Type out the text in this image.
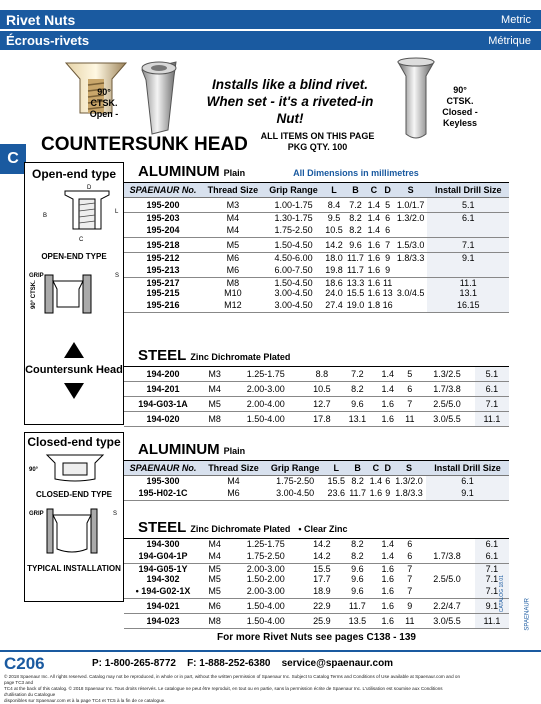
Rivet Nuts	Metric
Écrous-rivets	Métrique
C
90°
CTSK.
Open -
Installs like a blind rivet.
When set - it's a riveted-in Nut!
90°
CTSK.
Closed -
Keyless
COUNTERSUNK HEAD	ALL ITEMS ON THIS PAGE
PKG QTY. 100
Open-end type
B
L
C
D
OPEN-END TYPE
GRIP	S
90° CTSK.
Countersunk Head
Closed-end type
90°
CLOSED-END TYPE
GRIP	S
TYPICAL INSTALLATION
ALUMINUM Plain	All Dimensions in millimetres
SPAENAUR No.	Thread Size	Grip Range	L	B	C	D	S	Install Drill Size
195-200	M3	1.00-1.75	8.4	7.2	1.4	5	1.0/1.7	5.1
195-203	M4	1.30-1.75	9.5	8.2	1.4	6	1.3/2.0	6.1
195-204	M4	1.75-2.50	10.5	8.2	1.4	6		
195-218	M5	1.50-4.50	14.2	9.6	1.6	7	1.5/3.0	7.1
195-212	M6	4.50-6.00	18.0	11.7	1.6	9	1.8/3.3	9.1
195-213	M6	6.00-7.50	19.8	11.7	1.6	9		
195-217	M8	1.50-4.50	18.6	13.3	1.6	11		11.1
195-215	M10	3.00-4.50	24.0	15.5	1.6	13	3.0/4.5	13.1
195-216	M12	3.00-4.50	27.4	19.0	1.8	16		16.15
STEEL Zinc Dichromate Plated
194-200	M3	1.25-1.75	8.8	7.2	1.4	5	1.3/2.5	5.1
194-201	M4	2.00-3.00	10.5	8.2	1.4	6	1.7/3.8	6.1
194-G03-1A	M5	2.00-4.00	12.7	9.6	1.6	7	2.5/5.0	7.1
194-020	M8	1.50-4.00	17.8	13.1	1.6	11	3.0/5.5	11.1
ALUMINUM Plain
SPAENAUR No.	Thread Size	Grip Range	L	B	C	D	S	Install Drill Size
195-300	M4	1.75-2.50	15.5	8.2	1.4	6	1.3/2.0	6.1
195-H02-1C	M6	3.00-4.50	23.6	11.7	1.6	9	1.8/3.3	9.1
STEEL Zinc Dichromate Plated • Clear Zinc
194-300	M4	1.25-1.75	14.2	8.2	1.4	6		6.1
194-G04-1P	M4	1.75-2.50	14.2	8.2	1.4	6	1.7/3.8	6.1
194-G05-1Y	M5	2.00-3.00	15.5	9.6	1.6	7		7.1
194-302	M5	1.50-2.00	17.7	9.6	1.6	7	2.5/5.0	7.1
• 194-G02-1X	M5	2.00-3.00	18.9	9.6	1.6	7		7.1
194-021	M6	1.50-4.00	22.9	11.7	1.6	9	2.2/4.7	9.1
194-023	M8	1.50-4.00	25.9	13.5	1.6	11	3.0/5.5	11.1
For more Rivet Nuts see pages C138 - 139
CATALOG 18.01
SPAENAUR
C206	P: 1-800-265-8772 F: 1-888-252-6380 service@spaenaur.com
© 2018 Spaenaur Inc. All rights reserved. Catalog may not be reproduced, in whole or in part, without the written permission of Spaenaur Inc. Subject to Catalog Terms and Conditions of Use available at Spaenaur.com and on page TC3 and
TC4 at the back of this catalog. © 2018 Spaenaur Inc. Tous droits réservés. Le catalogue ne peut être reproduit, en tout ou en partie, sans la permission écrite de Spaenaur Inc. L'utilisation est soumise aux Conditions d'utilisation du Catalogue
disponibles sur Spaenaur.com et à la page TC4 et TC5 à la fin de ce catalogue.
